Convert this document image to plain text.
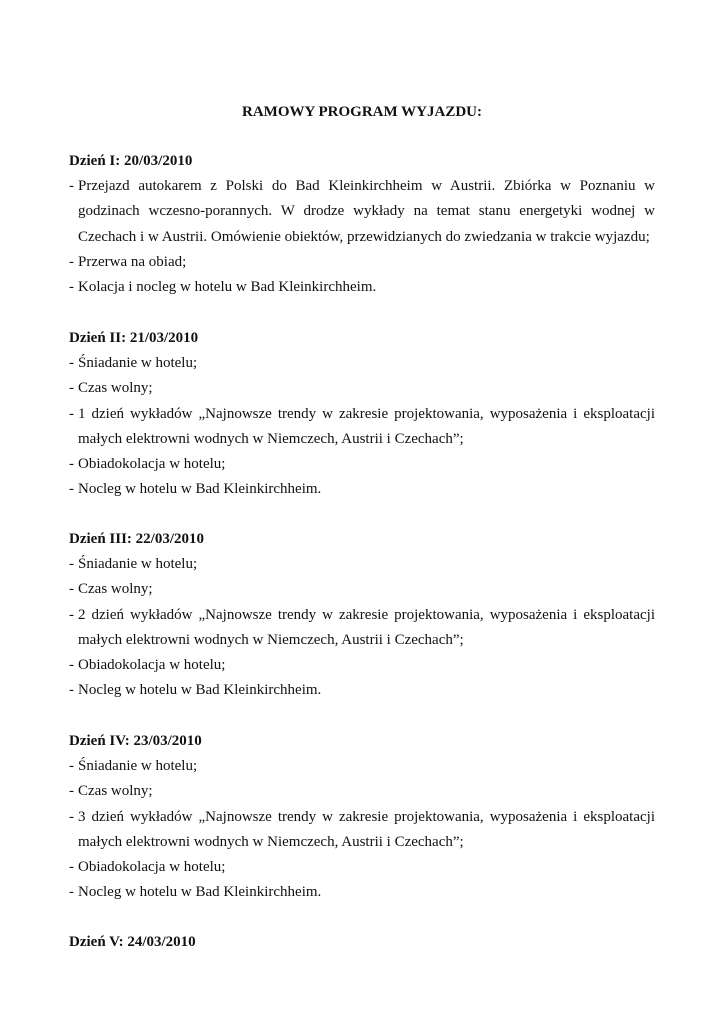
RAMOWY PROGRAM WYJAZDU:
Dzień I: 20/03/2010
- Przejazd autokarem z Polski do Bad Kleinkirchheim w Austrii. Zbiórka w Poznaniu w godzinach wczesno-porannych. W drodze wykłady na temat stanu energetyki wodnej w Czechach i w Austrii. Omówienie obiektów, przewidzianych do zwiedzania w trakcie wyjazdu;
- Przerwa na obiad;
- Kolacja i nocleg w hotelu w Bad Kleinkirchheim.
Dzień II: 21/03/2010
- Śniadanie w hotelu;
- Czas wolny;
- 1 dzień wykładów „Najnowsze trendy w zakresie projektowania, wyposażenia i eksploatacji małych elektrowni wodnych w Niemczech, Austrii i Czechach”;
- Obiadokolacja w hotelu;
- Nocleg w hotelu w Bad Kleinkirchheim.
Dzień III: 22/03/2010
- Śniadanie w hotelu;
- Czas wolny;
- 2 dzień wykładów „Najnowsze trendy w zakresie projektowania, wyposażenia i eksploatacji małych elektrowni wodnych w Niemczech, Austrii i Czechach”;
- Obiadokolacja w hotelu;
- Nocleg w hotelu w Bad Kleinkirchheim.
Dzień IV: 23/03/2010
- Śniadanie w hotelu;
- Czas wolny;
- 3 dzień wykładów „Najnowsze trendy w zakresie projektowania, wyposażenia i eksploatacji małych elektrowni wodnych w Niemczech, Austrii i Czechach”;
- Obiadokolacja w hotelu;
- Nocleg w hotelu w Bad Kleinkirchheim.
Dzień V: 24/03/2010
